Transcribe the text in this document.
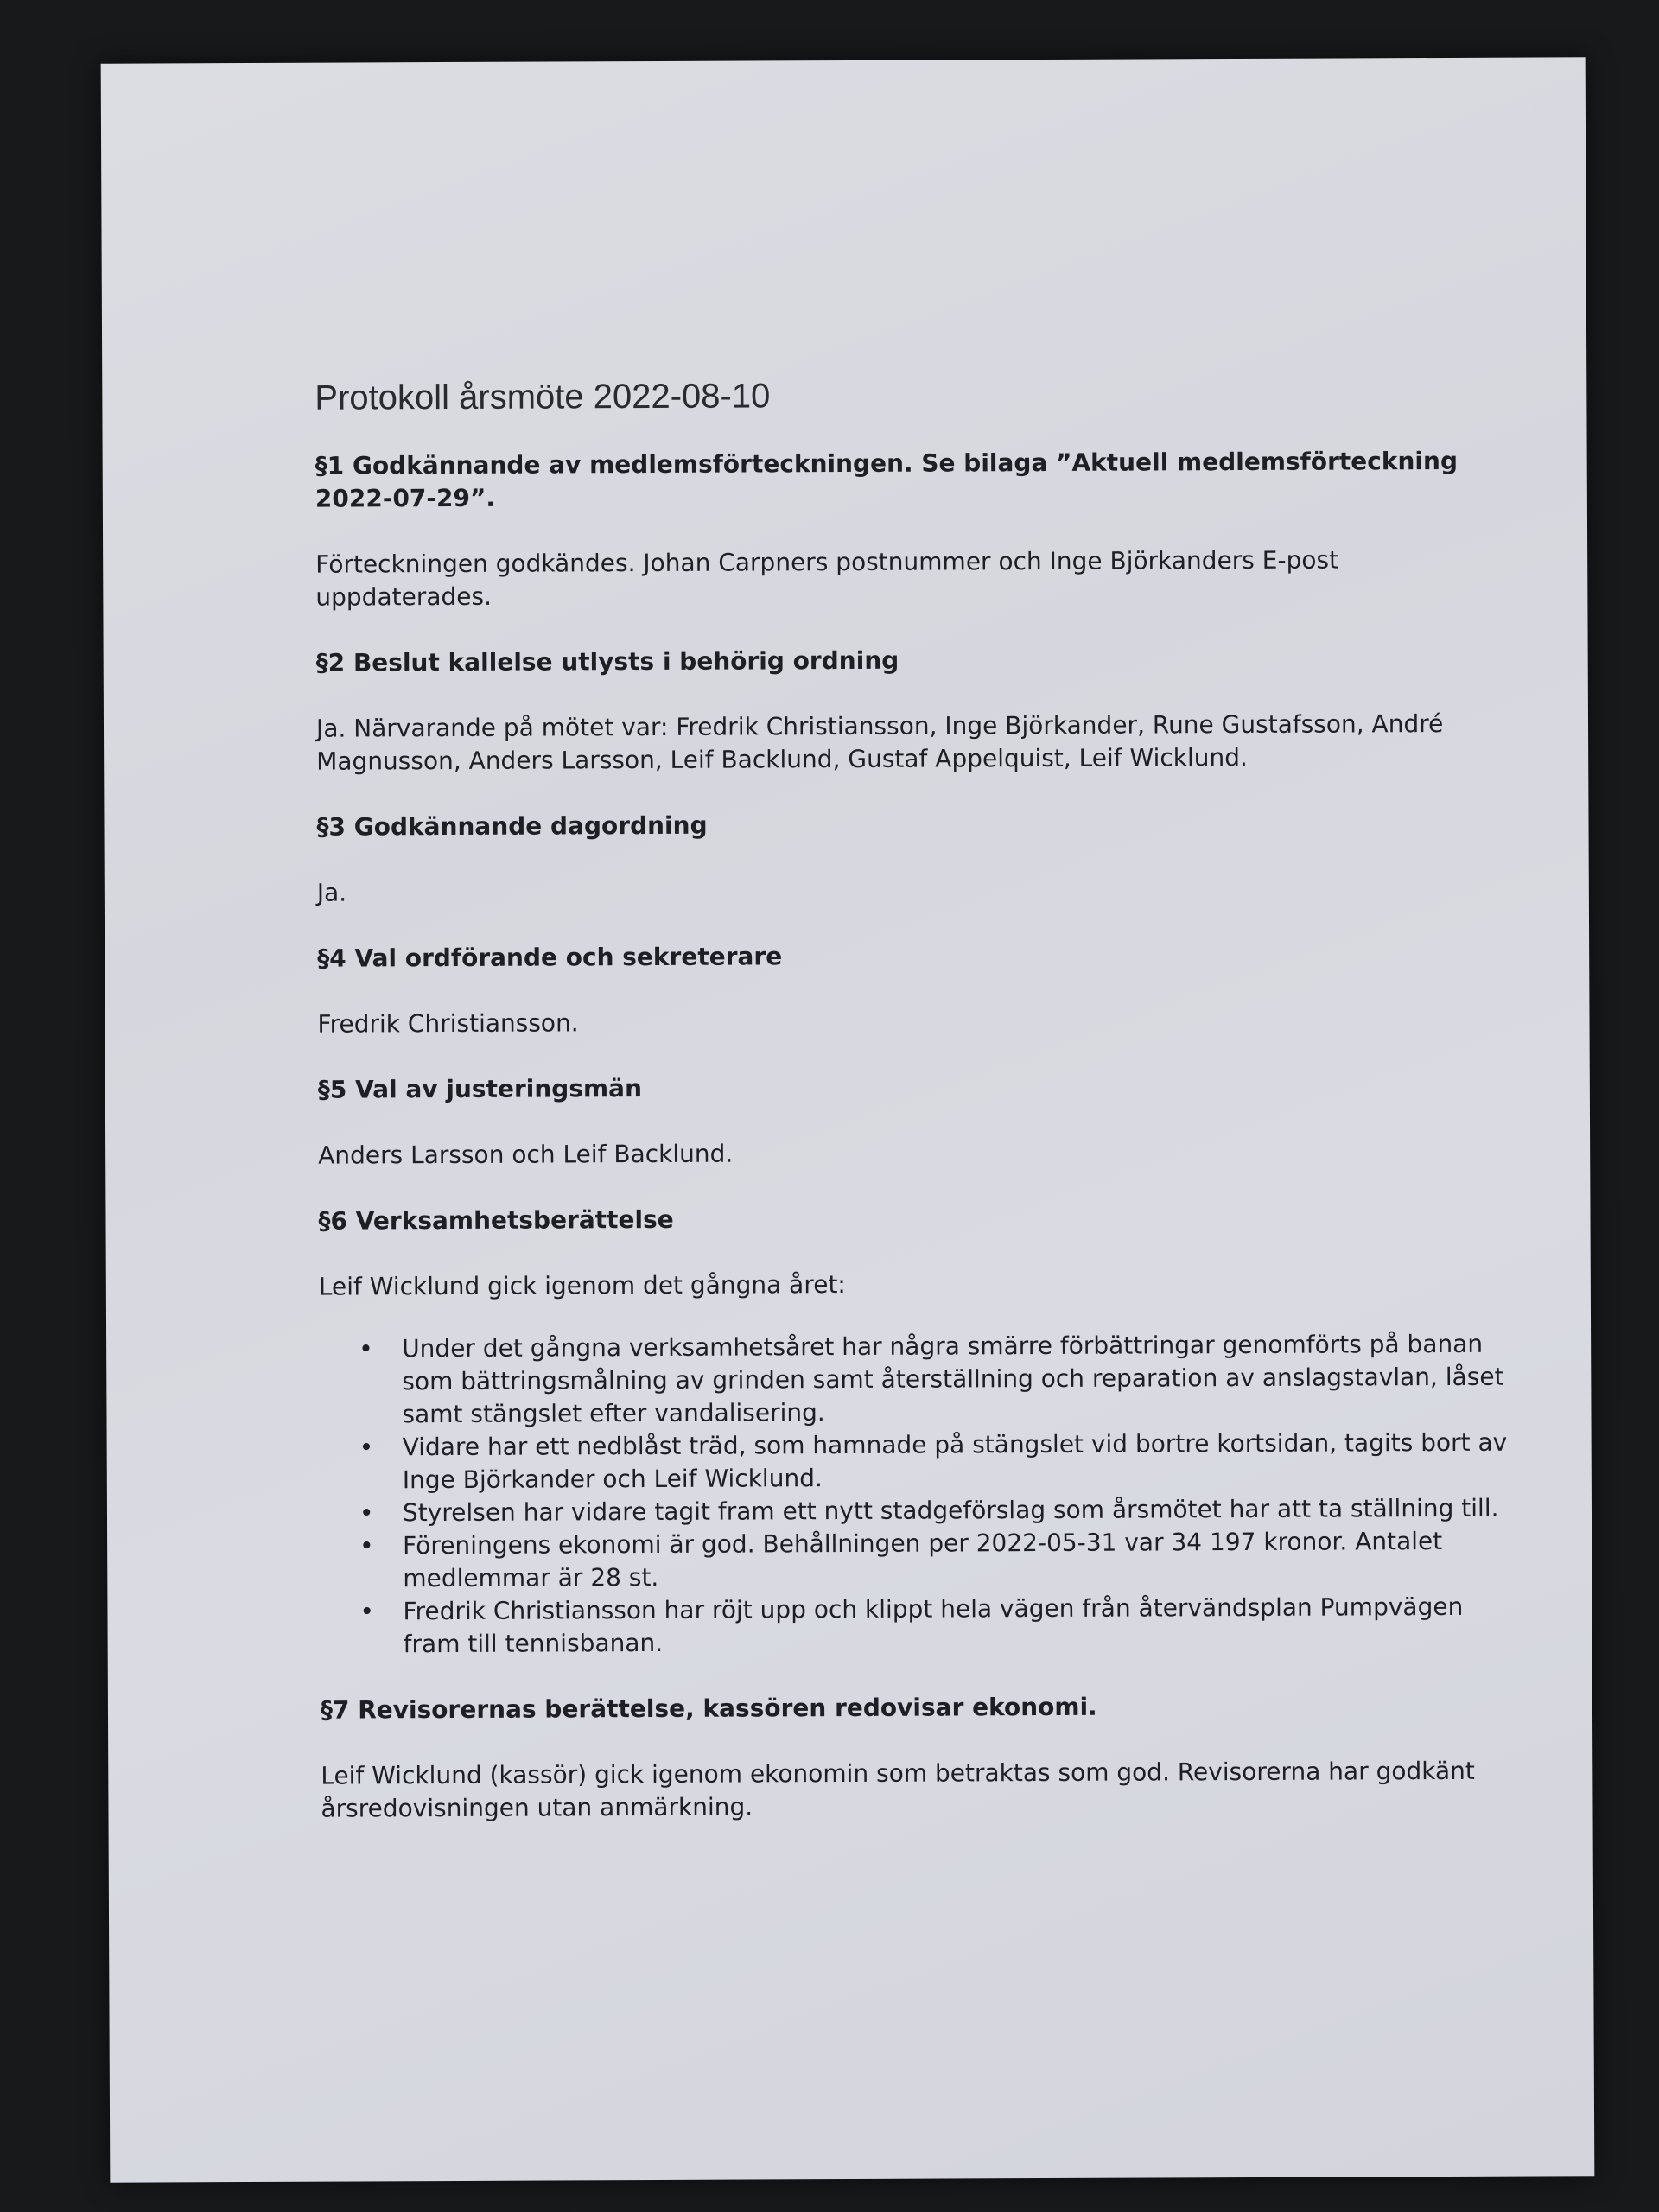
Protokoll årsmöte 2022-08-10

§1 Godkännande av medlemsförteckningen. Se bilaga ”Aktuell medlemsförteckning 2022-07-29”.

Förteckningen godkändes. Johan Carpners postnummer och Inge Björkanders E-post uppdaterades.

§2 Beslut kallelse utlysts i behörig ordning

Ja. Närvarande på mötet var: Fredrik Christiansson, Inge Björkander, Rune Gustafsson, André Magnusson, Anders Larsson, Leif Backlund, Gustaf Appelquist, Leif Wicklund.

§3 Godkännande dagordning

Ja.

§4 Val ordförande och sekreterare

Fredrik Christiansson.

§5 Val av justeringsmän

Anders Larsson och Leif Backlund.

§6 Verksamhetsberättelse

Leif Wicklund gick igenom det gångna året:

• Under det gångna verksamhetsåret har några smärre förbättringar genomförts på banan som bättringsmålning av grinden samt återställning och reparation av anslagstavlan, låset samt stängslet efter vandalisering.
• Vidare har ett nedblåst träd, som hamnade på stängslet vid bortre kortsidan, tagits bort av Inge Björkander och Leif Wicklund.
• Styrelsen har vidare tagit fram ett nytt stadgeförslag som årsmötet har att ta ställning till.
• Föreningens ekonomi är god. Behållningen per 2022-05-31 var 34 197 kronor. Antalet medlemmar är 28 st.
• Fredrik Christiansson har röjt upp och klippt hela vägen från återvändsplan Pumpvägen fram till tennisbanan.

§7 Revisorernas berättelse, kassören redovisar ekonomi.

Leif Wicklund (kassör) gick igenom ekonomin som betraktas som god. Revisorerna har godkänt årsredovisningen utan anmärkning.
